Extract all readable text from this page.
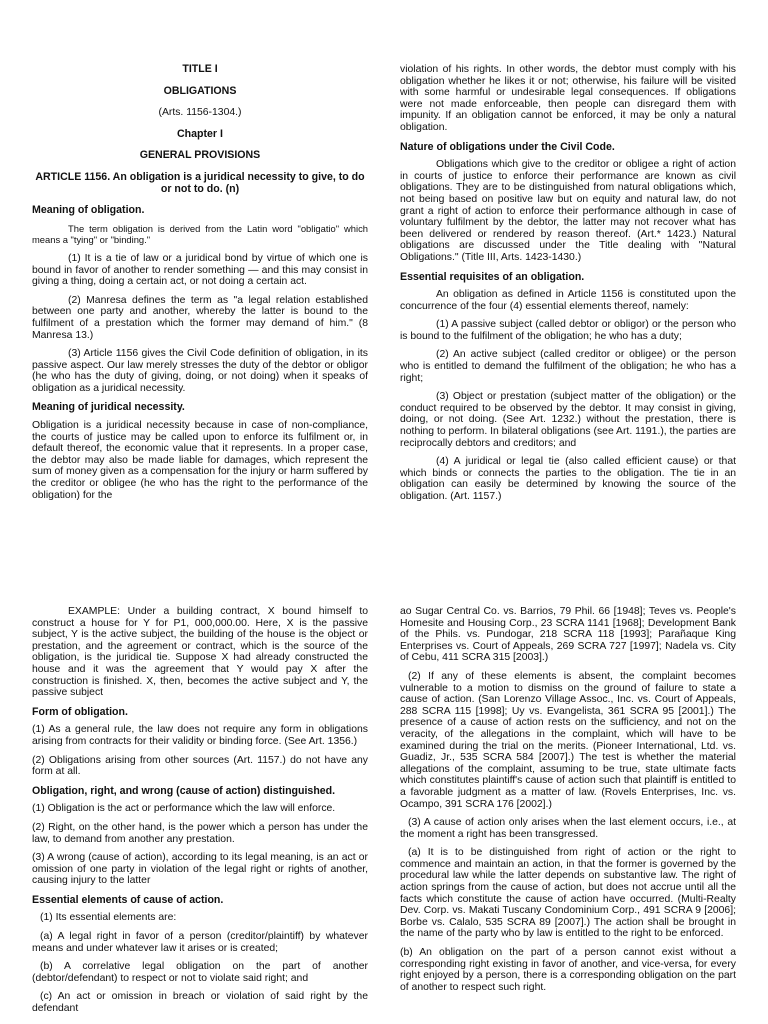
TITLE I

OBLIGATIONS

(Arts. 1156-1304.)

Chapter I

GENERAL PROVISIONS

ARTICLE 1156. An obligation is a juridical necessity to give, to do or not to do. (n)

Meaning of obligation.

The term obligation is derived from the Latin word "obligatio" which means a "tying" or "binding."

(1) It is a tie of law or a juridical bond by virtue of which one is bound in favor of another to render something — and this may consist in giving a thing, doing a certain act, or not doing a certain act.

(2) Manresa defines the term as "a legal relation established between one party and another, whereby the latter is bound to the fulfilment of a prestation which the former may demand of him." (8 Manresa 13.)

(3) Article 1156 gives the Civil Code definition of obligation, in its passive aspect. Our law merely stresses the duty of the debtor or obligor (he who has the duty of giving, doing, or not doing) when it speaks of obligation as a juridical necessity.

Meaning of juridical necessity.

Obligation is a juridical necessity because in case of non-compliance, the courts of justice may be called upon to enforce its fulfilment or, in default thereof, the economic value that it represents. In a proper case, the debtor may also be made liable for damages, which represent the sum of money given as a compensation for the injury or harm suffered by the creditor or obligee (he who has the right to the performance of the obligation) for the

violation of his rights. In other words, the debtor must comply with his obligation whether he likes it or not; otherwise, his failure will be visited with some harmful or undesirable legal consequences. If obligations were not made enforceable, then people can disregard them with impunity. If an obligation cannot be enforced, it may be only a natural obligation.

Nature of obligations under the Civil Code.

Obligations which give to the creditor or obligee a right of action in courts of justice to enforce their performance are known as civil obligations. They are to be distinguished from natural obligations which, not being based on positive law but on equity and natural law, do not grant a right of action to enforce their performance although in case of voluntary fulfilment by the debtor, the latter may not recover what has been delivered or rendered by reason thereof. (Art.* 1423.) Natural obligations are discussed under the Title dealing with "Natural Obligations." (Title III, Arts. 1423-1430.)

Essential requisites of an obligation.

An obligation as defined in Article 1156 is constituted upon the concurrence of the four (4) essential elements thereof, namely:

(1) A passive subject (called debtor or obligor) or the person who is bound to the fulfilment of the obligation; he who has a duty;

(2) An active subject (called creditor or obligee) or the person who is entitled to demand the fulfilment of the obligation; he who has a right;

(3) Object or prestation (subject matter of the obligation) or the conduct required to be observed by the debtor. It may consist in giving, doing, or not doing. (See Art. 1232.) without the prestation, there is nothing to perform. In bilateral obligations (see Art. 1191.), the parties are reciprocally debtors and creditors; and

(4) A juridical or legal tie (also called efficient cause) or that which binds or connects the parties to the obligation. The tie in an obligation can easily be determined by knowing the source of the obligation. (Art. 1157.)

EXAMPLE: Under a building contract, X bound himself to construct a house for Y for P1, 000,000.00. Here, X is the passive subject, Y is the active subject, the building of the house is the object or prestation, and the agreement or contract, which is the source of the obligation, is the juridical tie. Suppose X had already constructed the house and it was the agreement that Y would pay X after the construction is finished. X, then, becomes the active subject and Y, the passive subject

Form of obligation.

(1) As a general rule, the law does not require any form in obligations arising from contracts for their validity or binding force. (See Art. 1356.)

(2) Obligations arising from other sources (Art. 1157.) do not have any form at all.

Obligation, right, and wrong (cause of action) distinguished.

(1) Obligation is the act or performance which the law will enforce.

(2) Right, on the other hand, is the power which a person has under the law, to demand from another any prestation.

(3) A wrong (cause of action), according to its legal meaning, is an act or omission of one party in violation of the legal right or rights of another, causing injury to the latter

Essential elements of cause of action.

(1) Its essential elements are:

(a) A legal right in favor of a person (creditor/plaintiff) by whatever means and under whatever law it arises or is created;

(b) A correlative legal obligation on the part of another (debtor/defendant) to respect or not to violate said right; and

(c) An act or omission in breach or violation of said right by the defendant

ao Sugar Central Co. vs. Barrios, 79 Phil. 66 [1948]; Teves vs. People's Homesite and Housing Corp., 23 SCRA 1141 [1968]; Development Bank of the Phils. vs. Pundogar, 218 SCRA 118 [1993]; Parañaque King Enterprises vs. Court of Appeals, 269 SCRA 727 [1997]; Nadela vs. City of Cebu, 411 SCRA 315 [2003].)

(2) If any of these elements is absent, the complaint becomes vulnerable to a motion to dismiss on the ground of failure to state a cause of action. (San Lorenzo Village Assoc., Inc. vs. Court of Appeals, 288 SCRA 115 [1998]; Uy vs. Evangelista, 361 SCRA 95 [2001].) The presence of a cause of action rests on the sufficiency, and not on the veracity, of the allegations in the complaint, which will have to be examined during the trial on the merits. (Pioneer International, Ltd. vs. Guadiz, Jr., 535 SCRA 584 [2007].) The test is whether the material allegations of the complaint, assuming to be true, state ultimate facts which constitutes plaintiff's cause of action such that plaintiff is entitled to a favorable judgment as a matter of law. (Rovels Enterprises, Inc. vs. Ocampo, 391 SCRA 176 [2002].)

(3) A cause of action only arises when the last element occurs, i.e., at the moment a right has been transgressed.

(a) It is to be distinguished from right of action or the right to commence and maintain an action, in that the former is governed by the procedural law while the latter depends on substantive law. The right of action springs from the cause of action, but does not accrue until all the facts which constitute the cause of action have occurred. (Multi-Realty Dev. Corp. vs. Makati Tuscany Condominium Corp., 491 SCRA 9 [2006]; Borbe vs. Calalo, 535 SCRA 89 [2007].) The action shall be brought in the name of the party who by law is entitled to the right to be enforced.

(b) An obligation on the part of a person cannot exist without a corresponding right existing in favor of another, and vice-versa, for every right enjoyed by a person, there is a corresponding obligation on the part of another to respect such right.
